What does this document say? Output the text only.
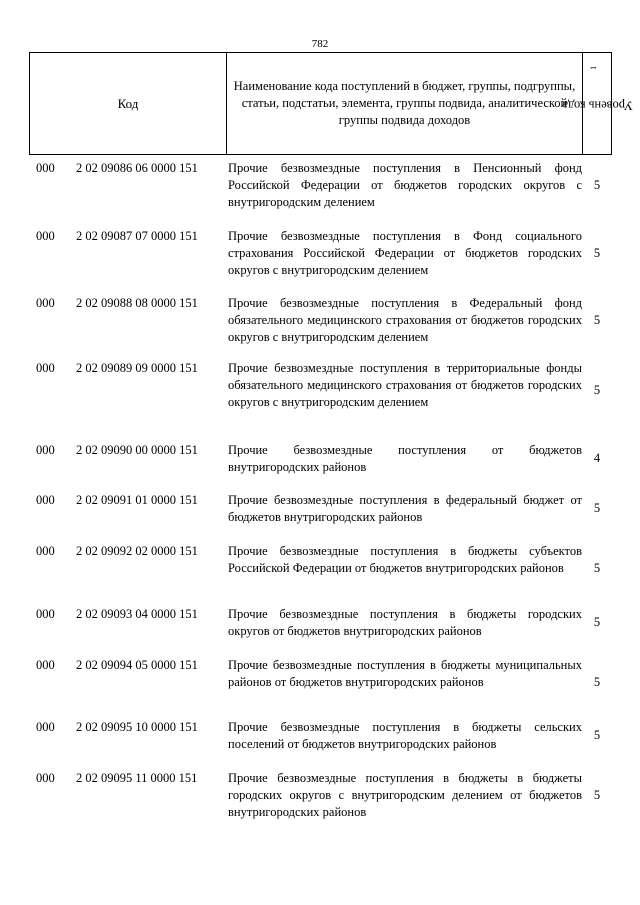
782
Код
Наименование кода поступлений в бюджет, группы, подгруппы, статьи, подстатьи, элемента, группы подвида, аналитической группы подвида доходов
Уровень кода$^1$
000 2 02 09086 06 0000 151 Прочие безвозмездные поступления в Пенсионный фонд Российской Федерации от бюджетов городских округов с внутригородским делением
5
000 2 02 09087 07 0000 151 Прочие безвозмездные поступления в Фонд социального страхования Российской Федерации от бюджетов городских округов с внутригородским делением
5
000 2 02 09088 08 0000 151 Прочие безвозмездные поступления в Федеральный фонд обязательного медицинского страхования от бюджетов городских округов с внутригородским делением
5
000 2 02 09089 09 0000 151 Прочие безвозмездные поступления в территориальные фонды обязательного медицинского страхования от бюджетов городских округов с внутригородским делением
5
000 2 02 09090 00 0000 151 Прочие безвозмездные поступления от бюджетов внутригородских районов
4
000 2 02 09091 01 0000 151 Прочие безвозмездные поступления в федеральный бюджет от бюджетов внутригородских районов
5
000 2 02 09092 02 0000 151 Прочие безвозмездные поступления в бюджеты субъектов Российской Федерации от бюджетов внутригородских районов	5
000 2 02 09093 04 0000 151 Прочие безвозмездные поступления в бюджеты городских округов от бюджетов внутригородских районов
5
000 2 02 09094 05 0000 151 Прочие безвозмездные поступления в бюджеты муниципальных районов от бюджетов внутригородских районов	5
000 2 02 09095 10 0000 151 Прочие безвозмездные поступления в бюджеты сельских поселений от бюджетов внутригородских районов
5
000 2 02 09095 11 0000 151 Прочие безвозмездные поступления в бюджеты в бюджеты городских округов с внутригородским делением от бюджетов внутригородских районов
5
